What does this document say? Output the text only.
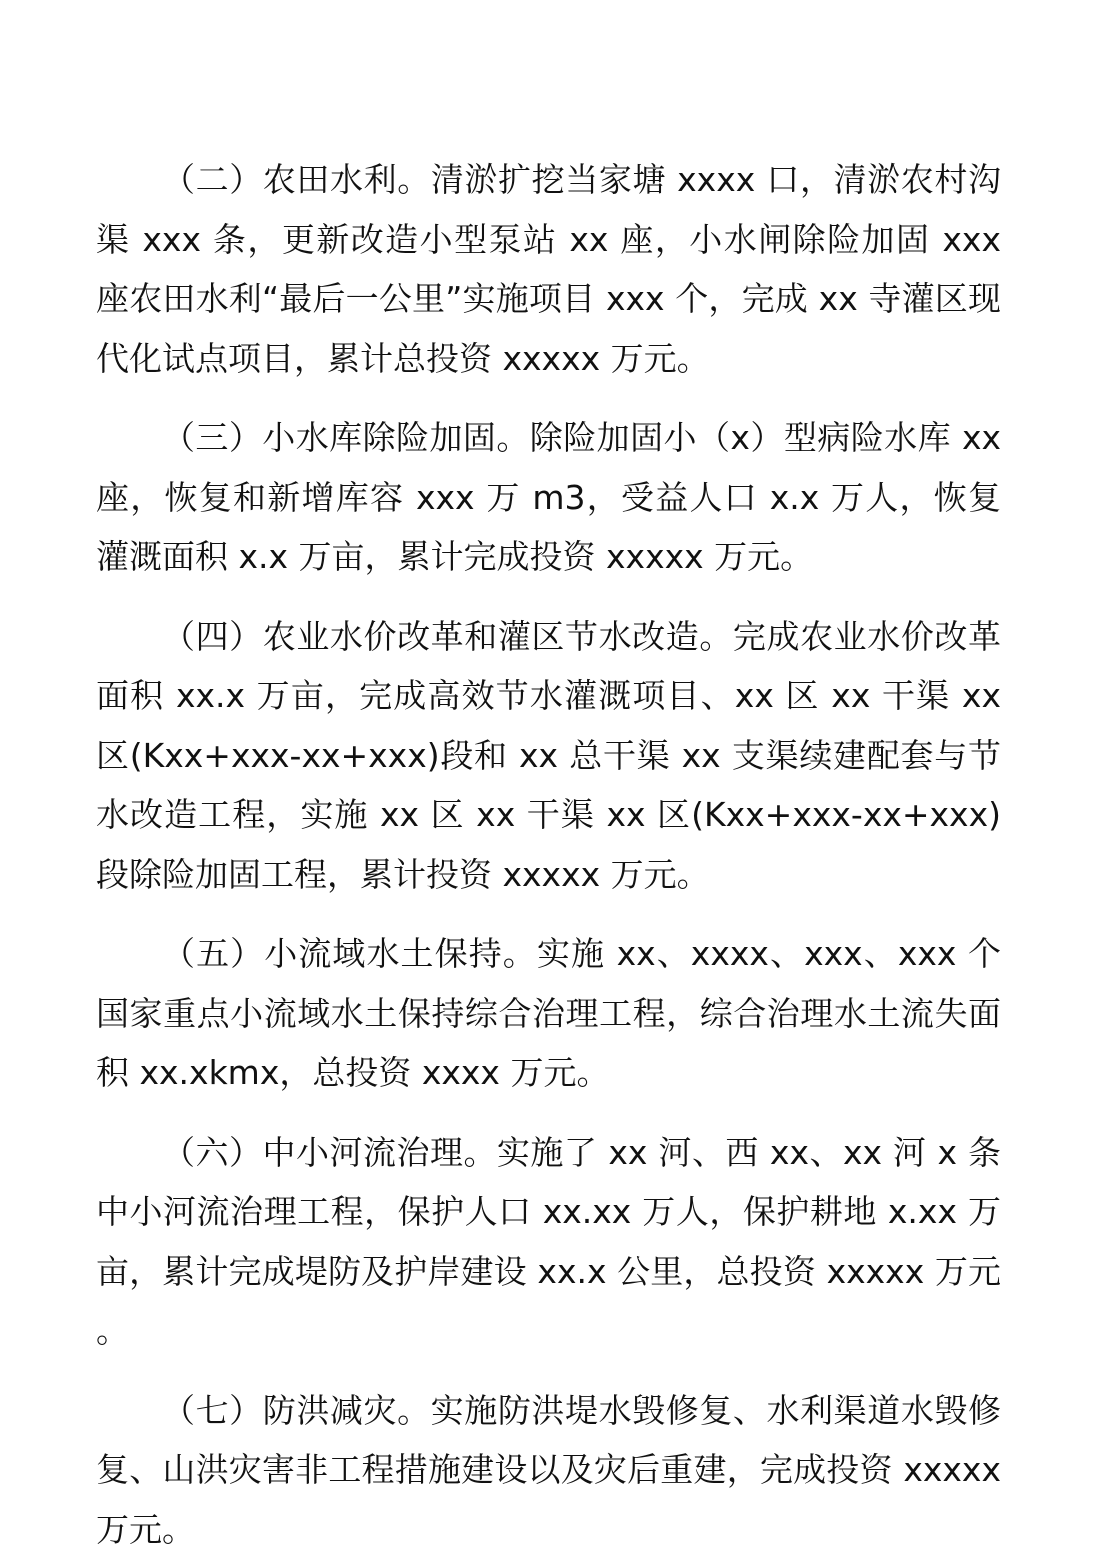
（二）农田水利。清淤扩挖当家塘 xxxx 口，清淤农村沟渠 xxx 条，更新改造小型泵站 xx 座，小水闸除险加固 xxx 座农田水利“最后一公里”实施项目 xxx 个，完成 xx 寺灌区现代化试点项目，累计总投资 xxxxx 万元。

（三）小水库除险加固。除险加固小（x）型病险水库 xx 座，恢复和新增库容 xxx 万 m3，受益人口 x.x 万人，恢复灌溉面积 x.x 万亩，累计完成投资 xxxxx 万元。

（四）农业水价改革和灌区节水改造。完成农业水价改革面积 xx.x 万亩，完成高效节水灌溉项目、xx 区 xx 干渠 xx 区(Kxx+xxx-xx+xxx)段和 xx 总干渠 xx 支渠续建配套与节水改造工程，实施 xx 区 xx 干渠 xx 区(Kxx+xxx-xx+xxx)段除险加固工程，累计投资 xxxxx 万元。

（五）小流域水土保持。实施 xx、xxxx、xxx、xxx 个国家重点小流域水土保持综合治理工程，综合治理水土流失面积 xx.xkmx，总投资 xxxx 万元。

（六）中小河流治理。实施了 xx 河、西 xx、xx 河 x 条中小河流治理工程，保护人口 xx.xx 万人，保护耕地 x.xx 万亩，累计完成堤防及护岸建设 xx.x 公里，总投资 xxxxx 万元。

（七）防洪减灾。实施防洪堤水毁修复、水利渠道水毁修复、山洪灾害非工程措施建设以及灾后重建，完成投资 xxxxx 万元。
